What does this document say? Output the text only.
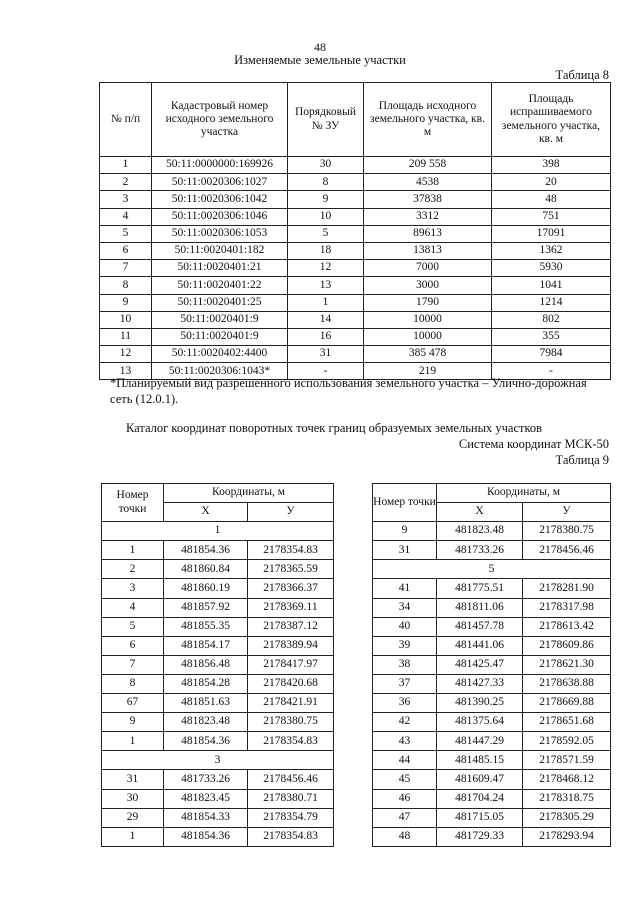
48
Изменяемые земельные участки
Таблица 8
№ п/п	Кадастровый номер исходного земельного участка	Порядковый № ЗУ	Площадь исходного земельного участка, кв. м	Площадь испрашиваемого земельного участка, кв. м
1	50:11:0000000:169926	30	209 558	398
2	50:11:0020306:1027	8	4538	20
3	50:11:0020306:1042	9	37838	48
4	50:11:0020306:1046	10	3312	751
5	50:11:0020306:1053	5	89613	17091
6	50:11:0020401:182	18	13813	1362
7	50:11:0020401:21	12	7000	5930
8	50:11:0020401:22	13	3000	1041
9	50:11:0020401:25	1	1790	1214
10	50:11:0020401:9	14	10000	802
11	50:11:0020401:9	16	10000	355
12	50:11:0020402:4400	31	385 478	7984
13	50:11:0020306:1043*	-	219	-
*Планируемый вид разрешенного использования земельного участка – Улично-дорожная сеть (12.0.1).
Каталог координат поворотных точек границ образуемых земельных участков
Система координат МСК-50
Таблица 9
Номер точки	Координаты, м	
	X	У
1		
1	481854.36	2178354.83
2	481860.84	2178365.59
3	481860.19	2178366.37
4	481857.92	2178369.11
5	481855.35	2178387.12
6	481854.17	2178389.94
7	481856.48	2178417.97
8	481854.28	2178420.68
67	481851.63	2178421.91
9	481823.48	2178380.75
1	481854.36	2178354.83
3		
31	481733.26	2178456.46
30	481823.45	2178380.71
29	481854.33	2178354.79
1	481854.36	2178354.83
Номер точки	Координаты, м	
	X	У
9	481823.48	2178380.75
31	481733.26	2178456.46
5		
41	481775.51	2178281.90
34	481811.06	2178317.98
40	481457.78	2178613.42
39	481441.06	2178609.86
38	481425.47	2178621.30
37	481427.33	2178638.88
36	481390.25	2178669.88
42	481375.64	2178651.68
43	481447.29	2178592.05
44	481485.15	2178571.59
45	481609.47	2178468.12
46	481704.24	2178318.75
47	481715.05	2178305.29
48	481729.33	2178293.94
